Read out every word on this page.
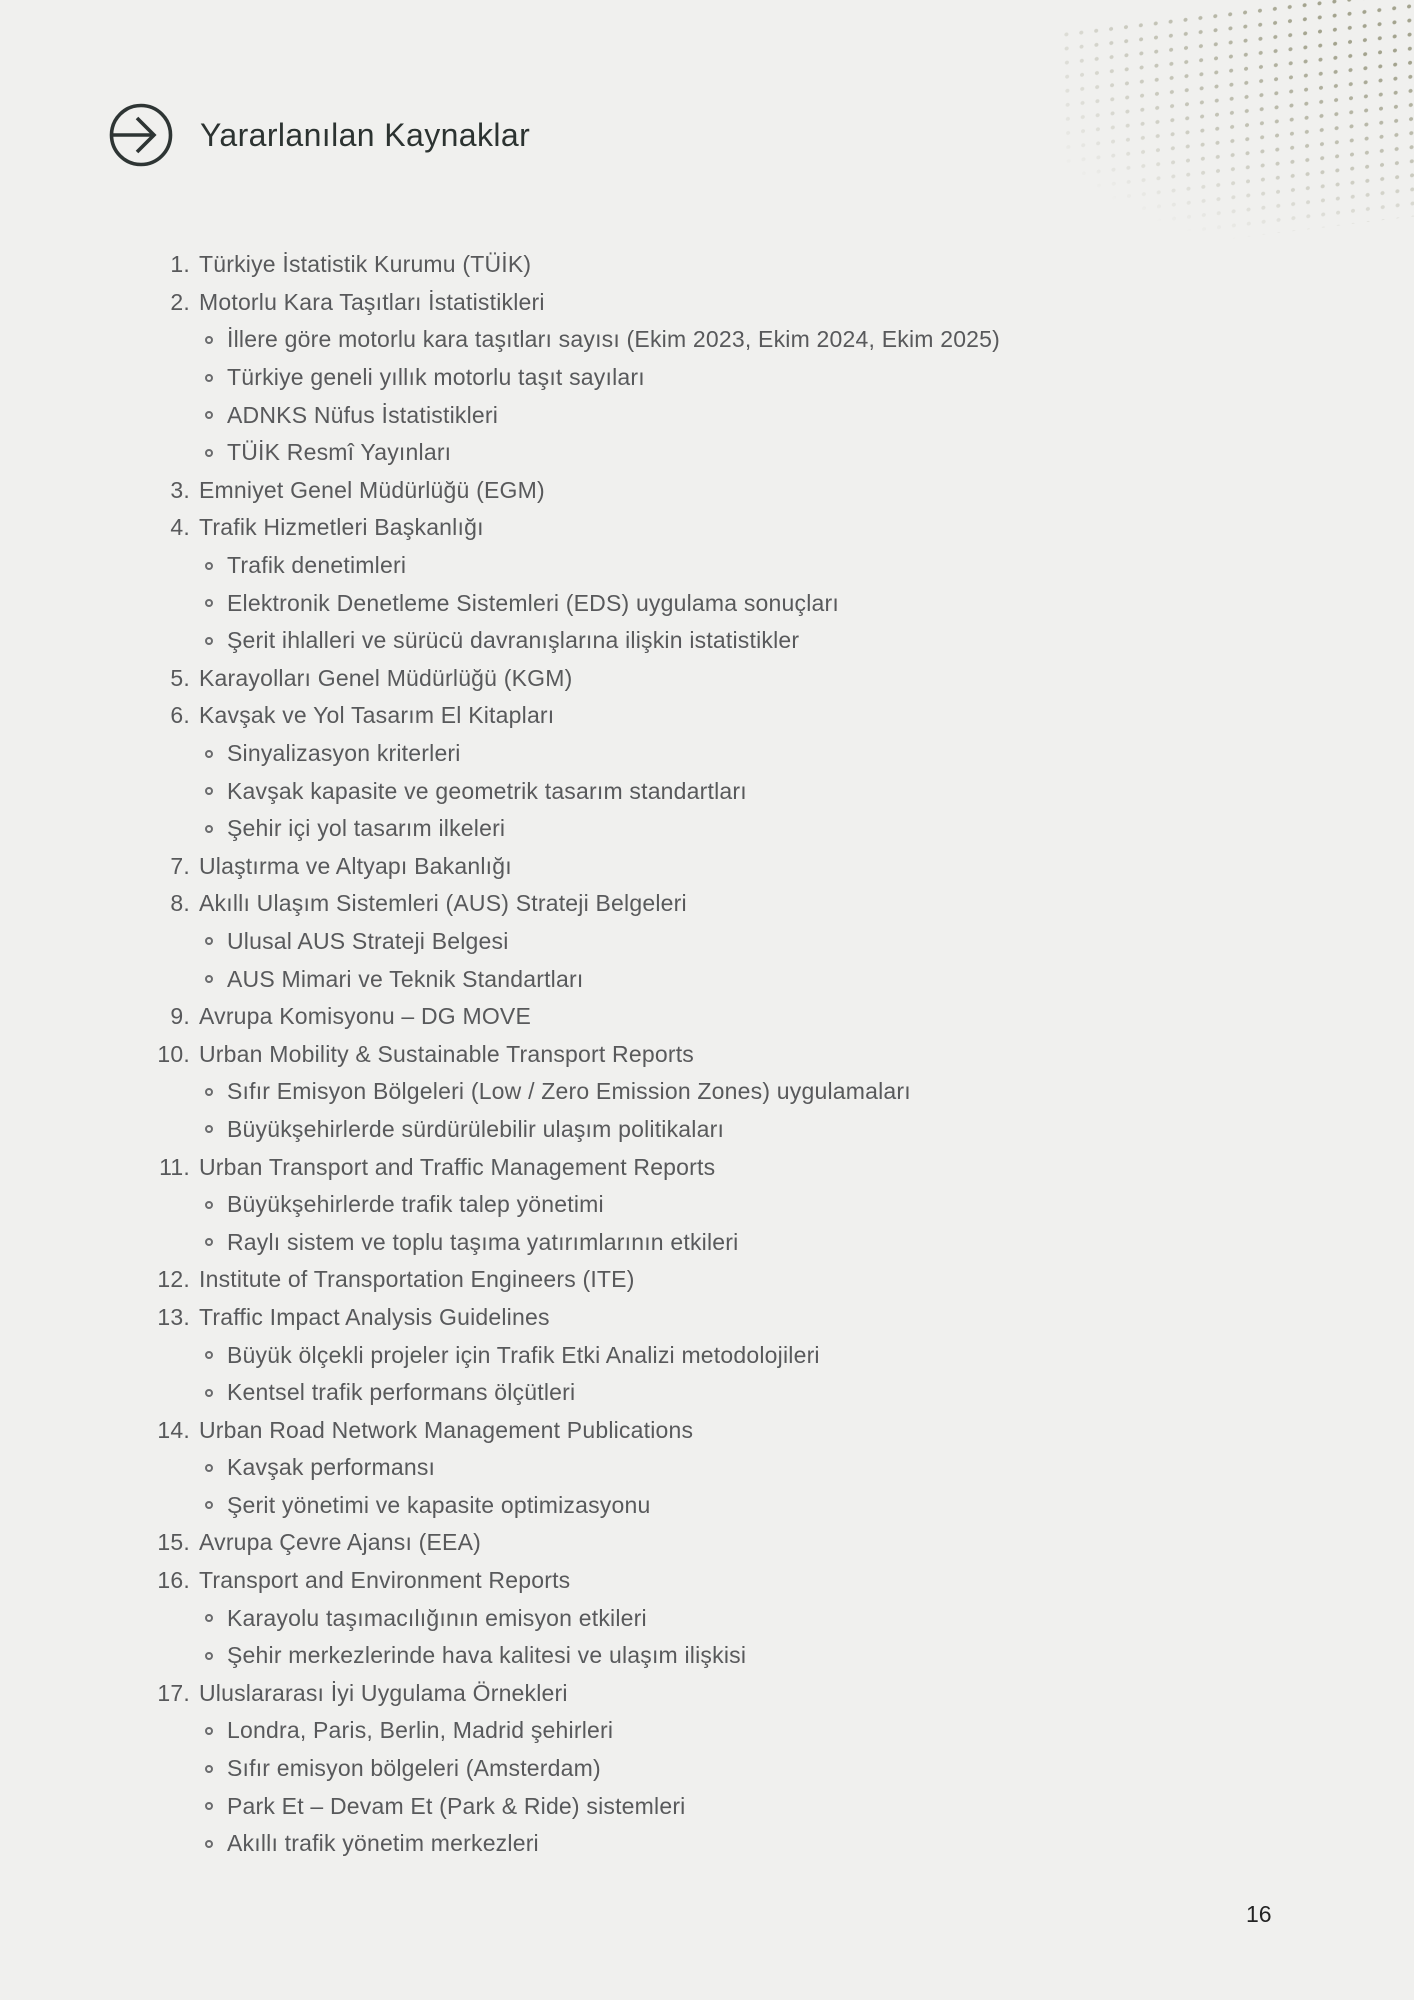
Yararlanılan Kaynaklar
1. Türkiye İstatistik Kurumu (TÜİK)
2. Motorlu Kara Taşıtları İstatistikleri
İllere göre motorlu kara taşıtları sayısı (Ekim 2023, Ekim 2024, Ekim 2025)
Türkiye geneli yıllık motorlu taşıt sayıları
ADNKS Nüfus İstatistikleri
TÜİK Resmî Yayınları
3. Emniyet Genel Müdürlüğü (EGM)
4. Trafik Hizmetleri Başkanlığı
Trafik denetimleri
Elektronik Denetleme Sistemleri (EDS) uygulama sonuçları
Şerit ihlalleri ve sürücü davranışlarına ilişkin istatistikler
5. Karayolları Genel Müdürlüğü (KGM)
6. Kavşak ve Yol Tasarım El Kitapları
Sinyalizasyon kriterleri
Kavşak kapasite ve geometrik tasarım standartları
Şehir içi yol tasarım ilkeleri
7. Ulaştırma ve Altyapı Bakanlığı
8. Akıllı Ulaşım Sistemleri (AUS) Strateji Belgeleri
Ulusal AUS Strateji Belgesi
AUS Mimari ve Teknik Standartları
9. Avrupa Komisyonu – DG MOVE
10. Urban Mobility & Sustainable Transport Reports
Sıfır Emisyon Bölgeleri (Low / Zero Emission Zones) uygulamaları
Büyükşehirlerde sürdürülebilir ulaşım politikaları
11. Urban Transport and Traffic Management Reports
Büyükşehirlerde trafik talep yönetimi
Raylı sistem ve toplu taşıma yatırımlarının etkileri
12. Institute of Transportation Engineers (ITE)
13. Traffic Impact Analysis Guidelines
Büyük ölçekli projeler için Trafik Etki Analizi metodolojileri
Kentsel trafik performans ölçütleri
14. Urban Road Network Management Publications
Kavşak performansı
Şerit yönetimi ve kapasite optimizasyonu
15. Avrupa Çevre Ajansı (EEA)
16. Transport and Environment Reports
Karayolu taşımacılığının emisyon etkileri
Şehir merkezlerinde hava kalitesi ve ulaşım ilişkisi
17. Uluslararası İyi Uygulama Örnekleri
Londra, Paris, Berlin, Madrid şehirleri
Sıfır emisyon bölgeleri (Amsterdam)
Park Et – Devam Et (Park & Ride) sistemleri
Akıllı trafik yönetim merkezleri
16
